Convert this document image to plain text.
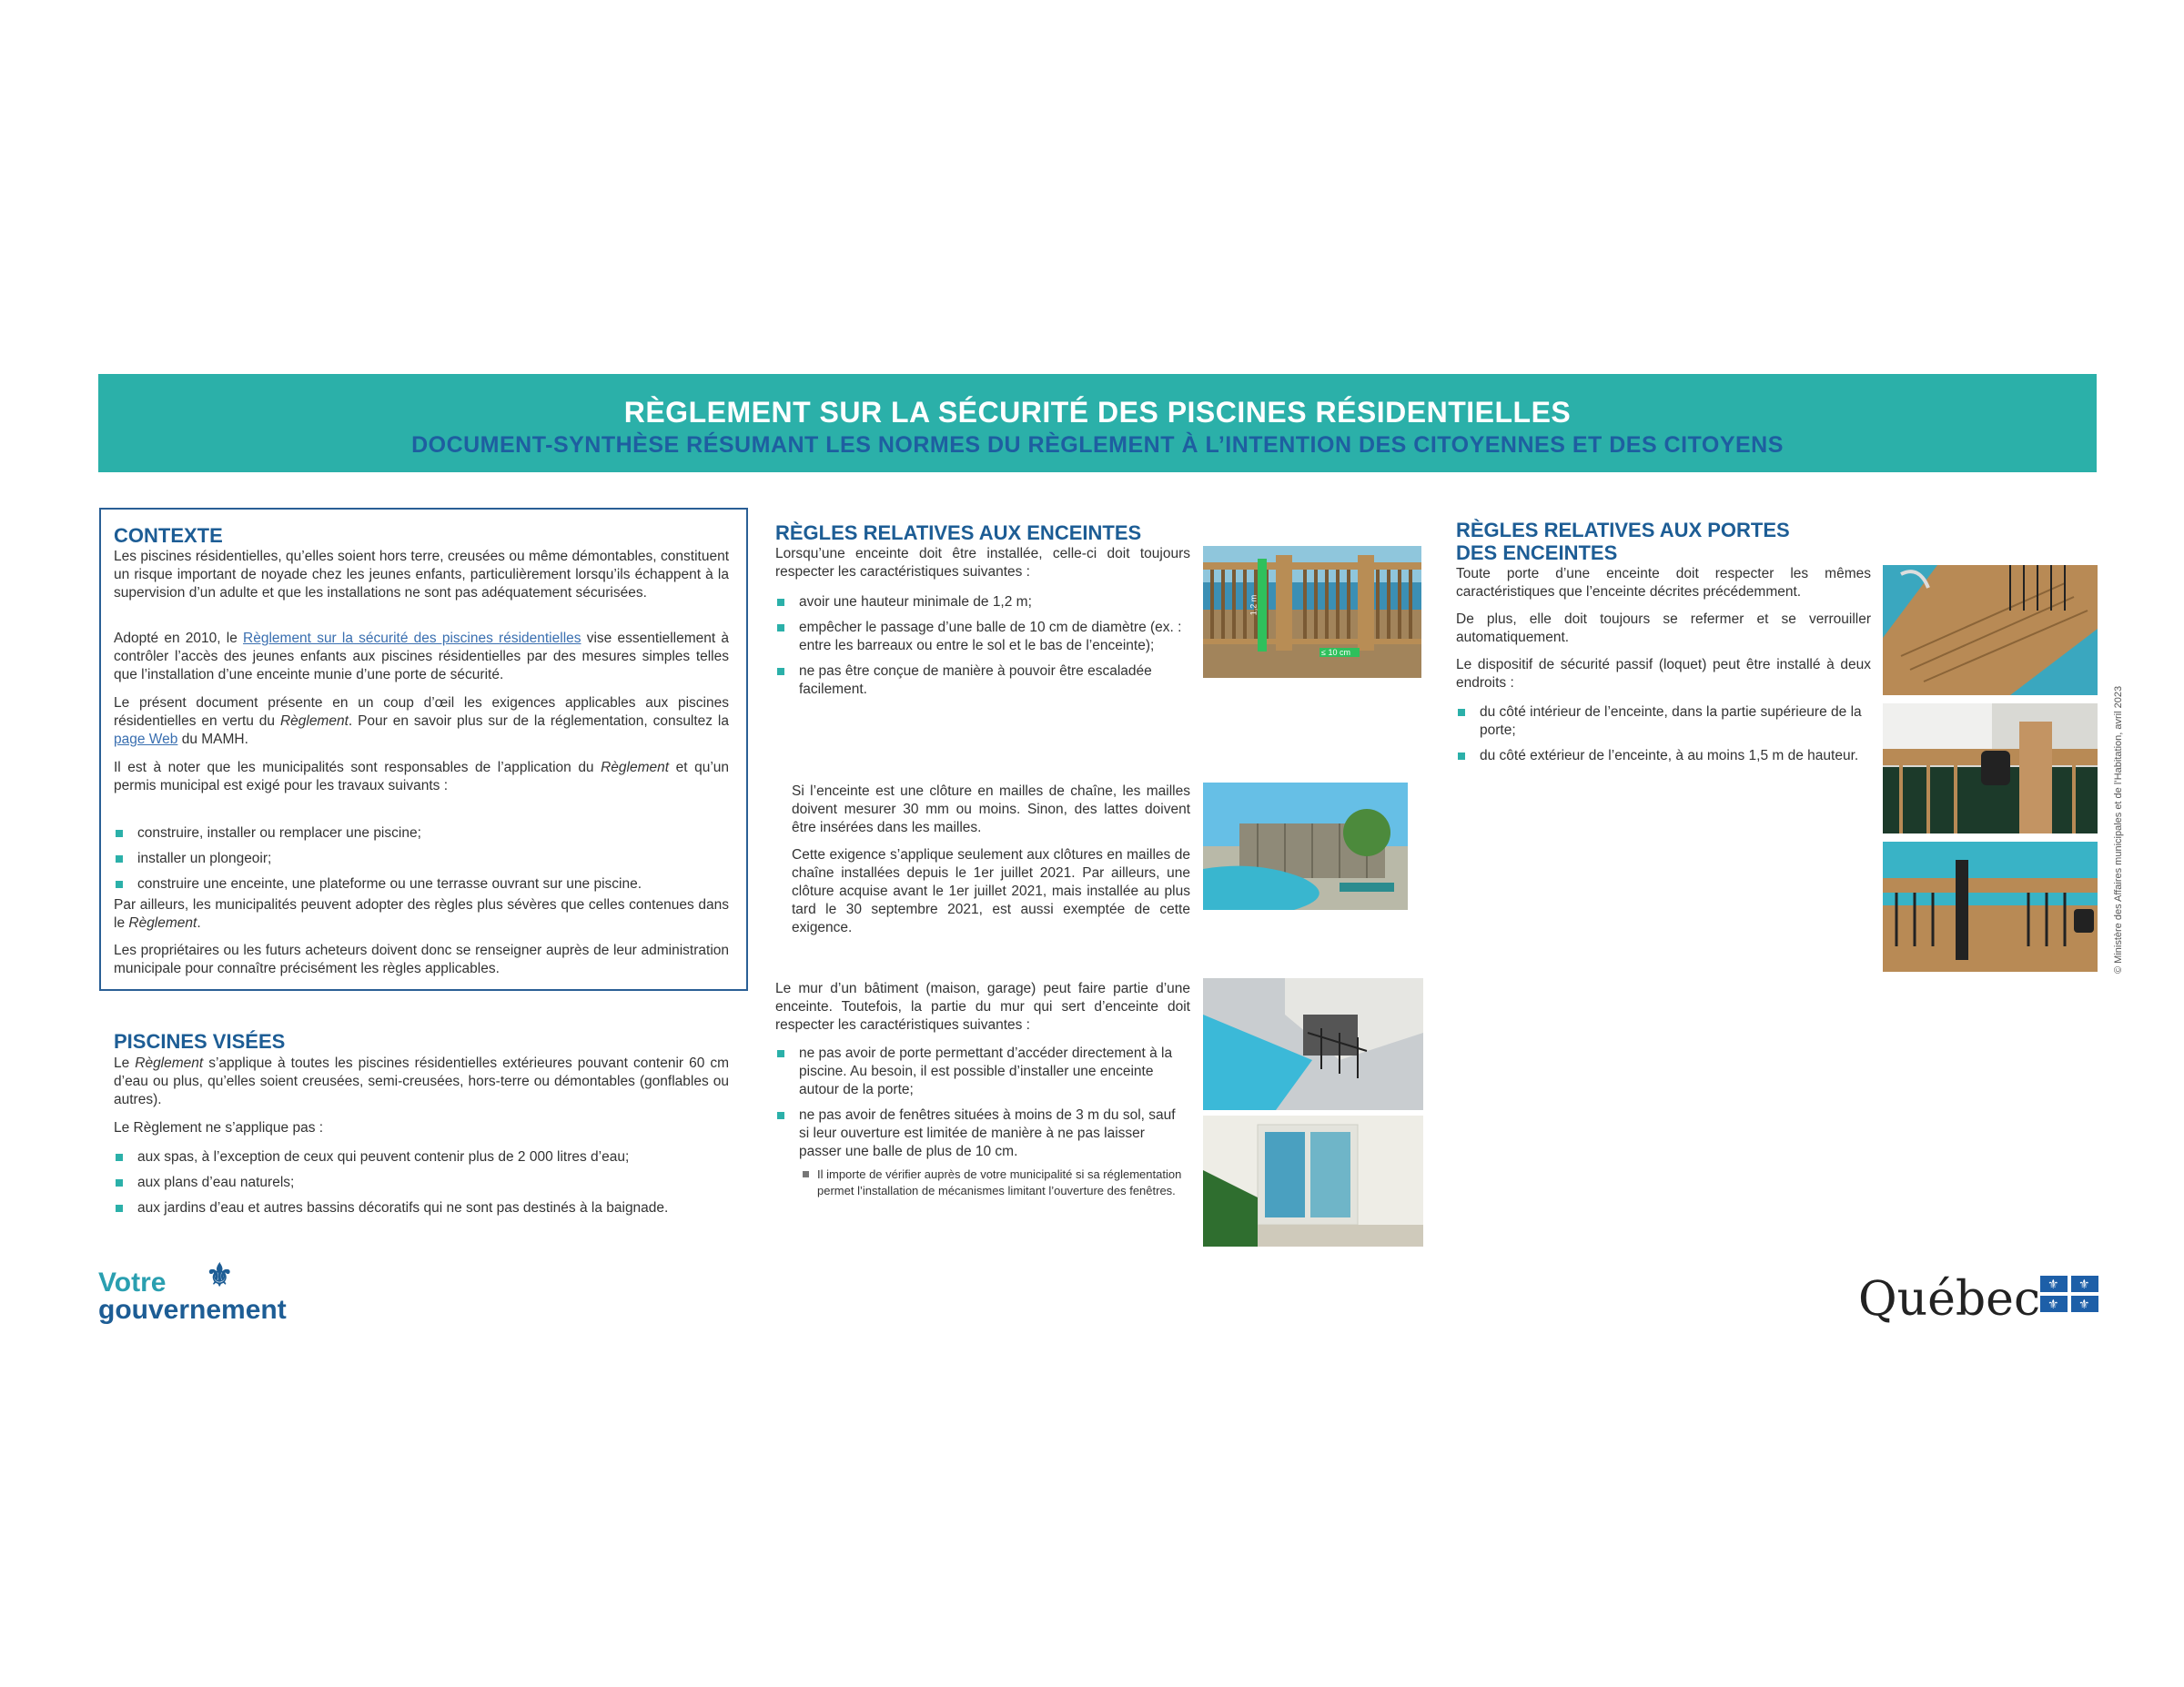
RÈGLEMENT SUR LA SÉCURITÉ DES PISCINES RÉSIDENTIELLES
DOCUMENT-SYNTHÈSE RÉSUMANT LES NORMES DU RÈGLEMENT À L’INTENTION DES CITOYENNES ET DES CITOYENS
CONTEXTE
Les piscines résidentielles, qu’elles soient hors terre, creusées ou même démontables, constituent un risque important de noyade chez les jeunes enfants, particulièrement lorsqu’ils échappent à la supervision d’un adulte et que les installations ne sont pas adéquatement sécurisées.
Adopté en 2010, le Règlement sur la sécurité des piscines résidentielles vise essentiellement à contrôler l’accès des jeunes enfants aux piscines résidentielles par des mesures simples telles que l’installation d’une enceinte munie d’une porte de sécurité.
Le présent document présente en un coup d’œil les exigences applicables aux piscines résidentielles en vertu du Règlement. Pour en savoir plus sur de la réglementation, consultez la page Web du MAMH.
Il est à noter que les municipalités sont responsables de l’application du Règlement et qu’un permis municipal est exigé pour les travaux suivants :
construire, installer ou remplacer une piscine;
installer un plongeoir;
construire une enceinte, une plateforme ou une terrasse ouvrant sur une piscine.
Par ailleurs, les municipalités peuvent adopter des règles plus sévères que celles contenues dans le Règlement.
Les propriétaires ou les futurs acheteurs doivent donc se renseigner auprès de leur administration municipale pour connaître précisément les règles applicables.
PISCINES VISÉES
Le Règlement s’applique à toutes les piscines résidentielles extérieures pouvant contenir 60 cm d’eau ou plus, qu’elles soient creusées, semi-creusées, hors-terre ou démontables (gonflables ou autres).
Le Règlement ne s’applique pas :
aux spas, à l’exception de ceux qui peuvent contenir plus de 2 000 litres d’eau;
aux plans d’eau naturels;
aux jardins d’eau et autres bassins décoratifs qui ne sont pas destinés à la baignade.
RÈGLES RELATIVES AUX ENCEINTES
Lorsqu’une enceinte doit être installée, celle-ci doit toujours respecter les caractéristiques suivantes :
avoir une hauteur minimale de 1,2 m;
empêcher le passage d’une balle de 10 cm de diamètre (ex. : entre les barreaux ou entre le sol et le bas de l’enceinte);
ne pas être conçue de manière à pouvoir être escaladée facilement.
1,2 m
≤ 10 cm
Si l’enceinte est une clôture en mailles de chaîne, les mailles doivent mesurer 30 mm ou moins. Sinon, des lattes doivent être insérées dans les mailles.
Cette exigence s’applique seulement aux clôtures en mailles de chaîne installées depuis le 1er juillet 2021. Par ailleurs, une clôture acquise avant le 1er juillet 2021, mais installée au plus tard le 30 septembre 2021, est aussi exemptée de cette exigence.
Le mur d’un bâtiment (maison, garage) peut faire partie d’une enceinte. Toutefois, la partie du mur qui sert d’enceinte doit respecter les caractéristiques suivantes :
ne pas avoir de porte permettant d’accéder directement à la piscine. Au besoin, il est possible d’installer une enceinte autour de la porte;
ne pas avoir de fenêtres situées à moins de 3 m du sol, sauf si leur ouverture est limitée de manière à ne pas laisser passer une balle de plus de 10 cm.
Il importe de vérifier auprès de votre municipalité si sa réglementation permet l’installation de mécanismes limitant l’ouverture des fenêtres.
RÈGLES RELATIVES AUX PORTES
DES ENCEINTES
Toute porte d’une enceinte doit respecter les mêmes caractéristiques que l’enceinte décrites précédemment.
De plus, elle doit toujours se refermer et se verrouiller automatiquement.
Le dispositif de sécurité passif (loquet) peut être installé à deux endroits :
du côté intérieur de l’enceinte, dans la partie supérieure de la porte;
du côté extérieur de l’enceinte, à au moins 1,5 m de hauteur.	© Ministère des Affaires municipales et de l’Habitation, avril 2023
Votre ⚜
gouvernement	Québec ⚜ ⚜
⚜ ⚜
